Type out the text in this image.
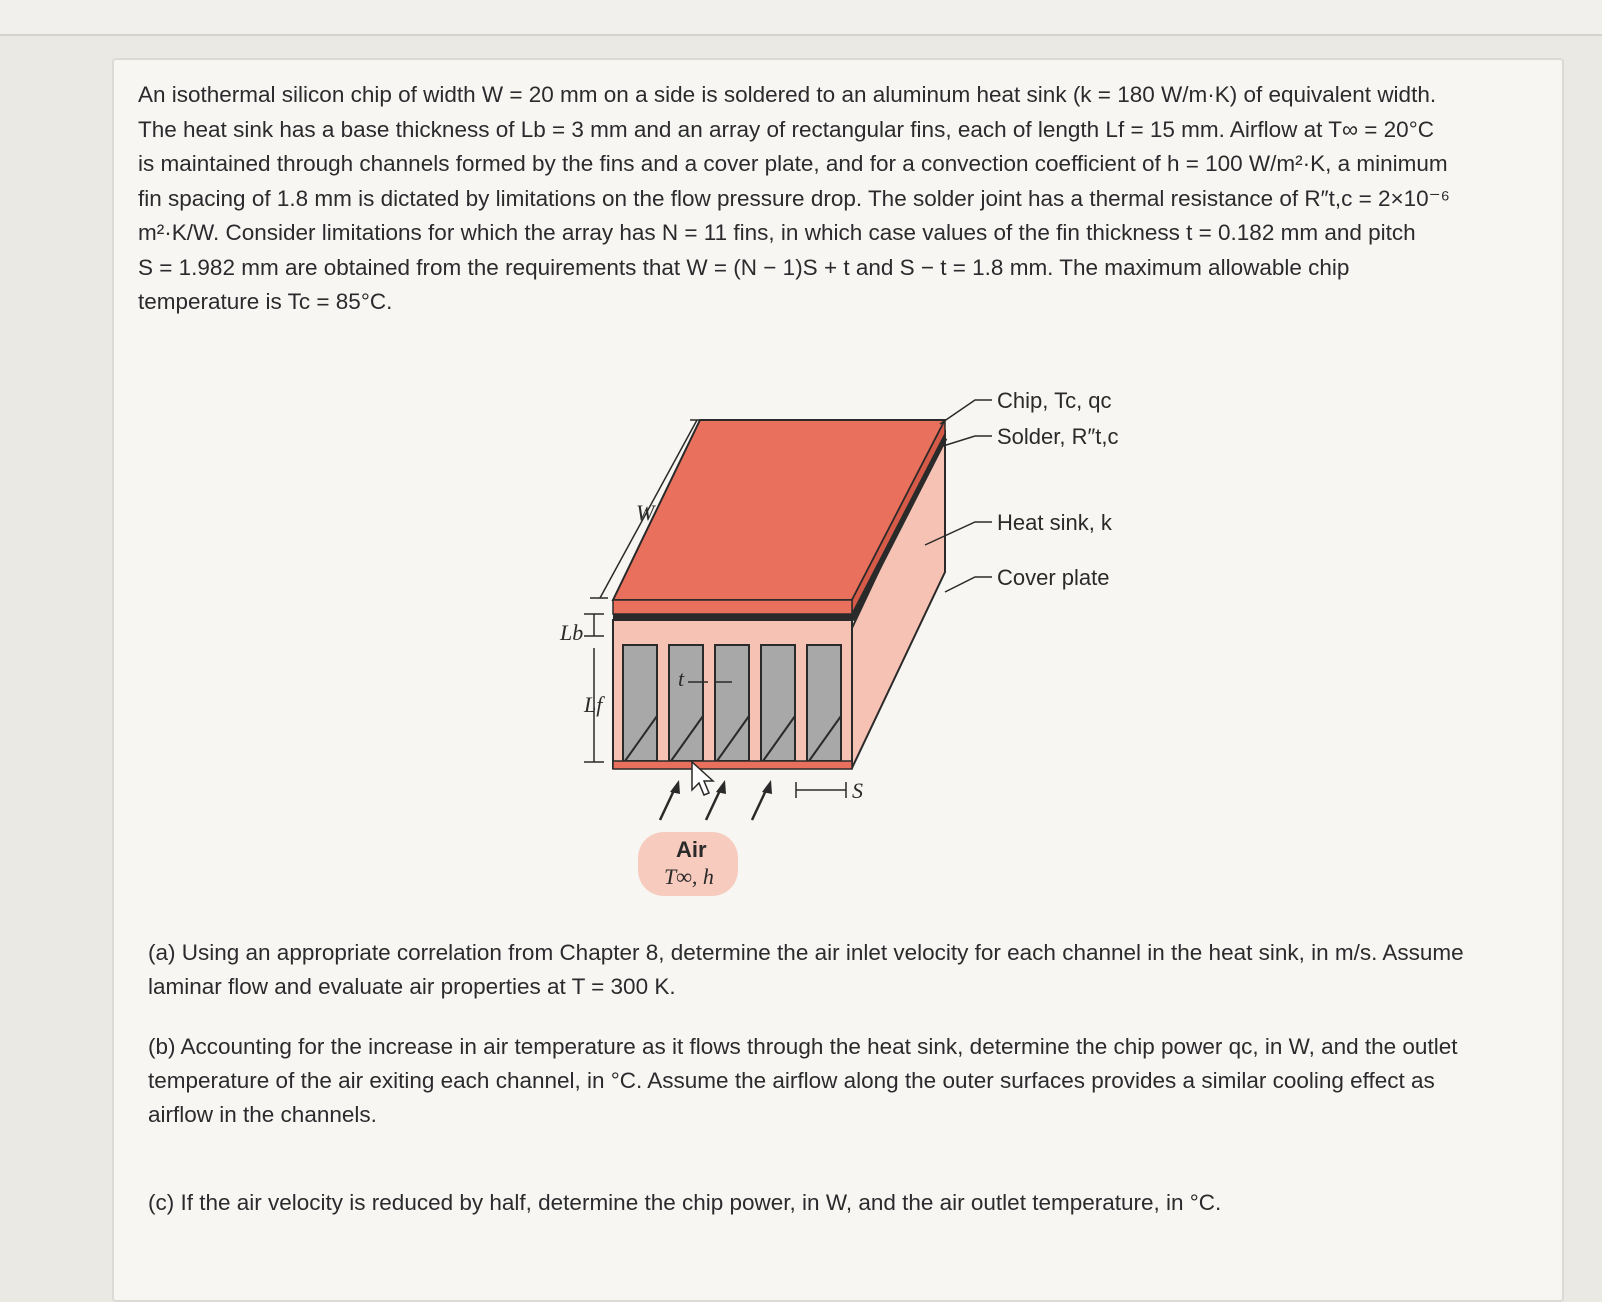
An isothermal silicon chip of width W = 20 mm on a side is soldered to an aluminum heat sink (k = 180 W/m·K) of equivalent width.

The heat sink has a base thickness of Lb = 3 mm and an array of rectangular fins, each of length Lf = 15 mm. Airflow at T∞ = 20°C

is maintained through channels formed by the fins and a cover plate, and for a convection coefficient of h = 100 W/m²·K, a minimum

fin spacing of 1.8 mm is dictated by limitations on the flow pressure drop. The solder joint has a thermal resistance of R″t,c = 2×10⁻⁶

m²·K/W. Consider limitations for which the array has N = 11 fins, in which case values of the fin thickness t = 0.182 mm and pitch

S = 1.982 mm are obtained from the requirements that W = (N − 1)S + t and S − t = 1.8 mm. The maximum allowable chip

temperature is Tc = 85°C.

W
Lb
Lf
t
S
Air
T∞, h
Chip, Tc, qc
Solder, R″t,c
Heat sink, k
Cover plate
(a) Using an appropriate correlation from Chapter 8, determine the air inlet velocity for each channel in the heat sink, in m/s. Assume
laminar flow and evaluate air properties at T = 300 K.
(b) Accounting for the increase in air temperature as it flows through the heat sink, determine the chip power qc, in W, and the outlet
temperature of the air exiting each channel, in °C. Assume the airflow along the outer surfaces provides a similar cooling effect as
airflow in the channels.
(c) If the air velocity is reduced by half, determine the chip power, in W, and the air outlet temperature, in °C.
